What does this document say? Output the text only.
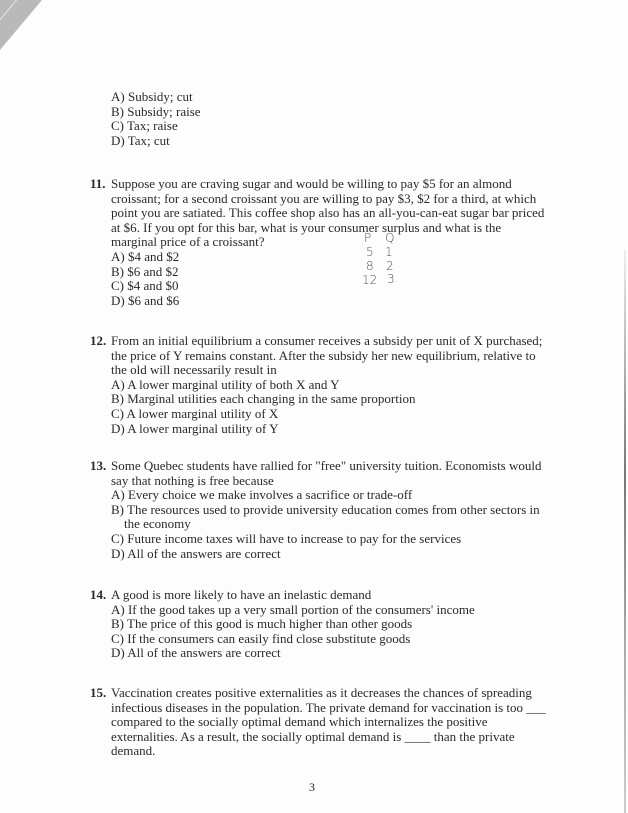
A) Subsidy; cut
B) Subsidy; raise
C) Tax; raise
D) Tax; cut
11. Suppose you are craving sugar and would be willing to pay $5 for an almond croissant; for a second croissant you are willing to pay $3, $2 for a third, at which point you are satiated. This coffee shop also has an all-you-can-eat sugar bar priced at $6. If you opt for this bar, what is your consumer surplus and what is the marginal price of a croissant?
A) $4 and $2
B) $6 and $2
C) $4 and $0
D) $6 and $6
P Q
5 1
8 2
12 3
12. From an initial equilibrium a consumer receives a subsidy per unit of X purchased; the price of Y remains constant. After the subsidy her new equilibrium, relative to the old will necessarily result in
A) A lower marginal utility of both X and Y
B) Marginal utilities each changing in the same proportion
C) A lower marginal utility of X
D) A lower marginal utility of Y
13. Some Quebec students have rallied for "free" university tuition. Economists would say that nothing is free because
A) Every choice we make involves a sacrifice or trade-off
B) The resources used to provide university education comes from other sectors in the economy
C) Future income taxes will have to increase to pay for the services
D) All of the answers are correct
14. A good is more likely to have an inelastic demand
A) If the good takes up a very small portion of the consumers' income
B) The price of this good is much higher than other goods
C) If the consumers can easily find close substitute goods
D) All of the answers are correct
15. Vaccination creates positive externalities as it decreases the chances of spreading infectious diseases in the population. The private demand for vaccination is too ___ compared to the socially optimal demand which internalizes the positive externalities. As a result, the socially optimal demand is ____ than the private demand.
3
